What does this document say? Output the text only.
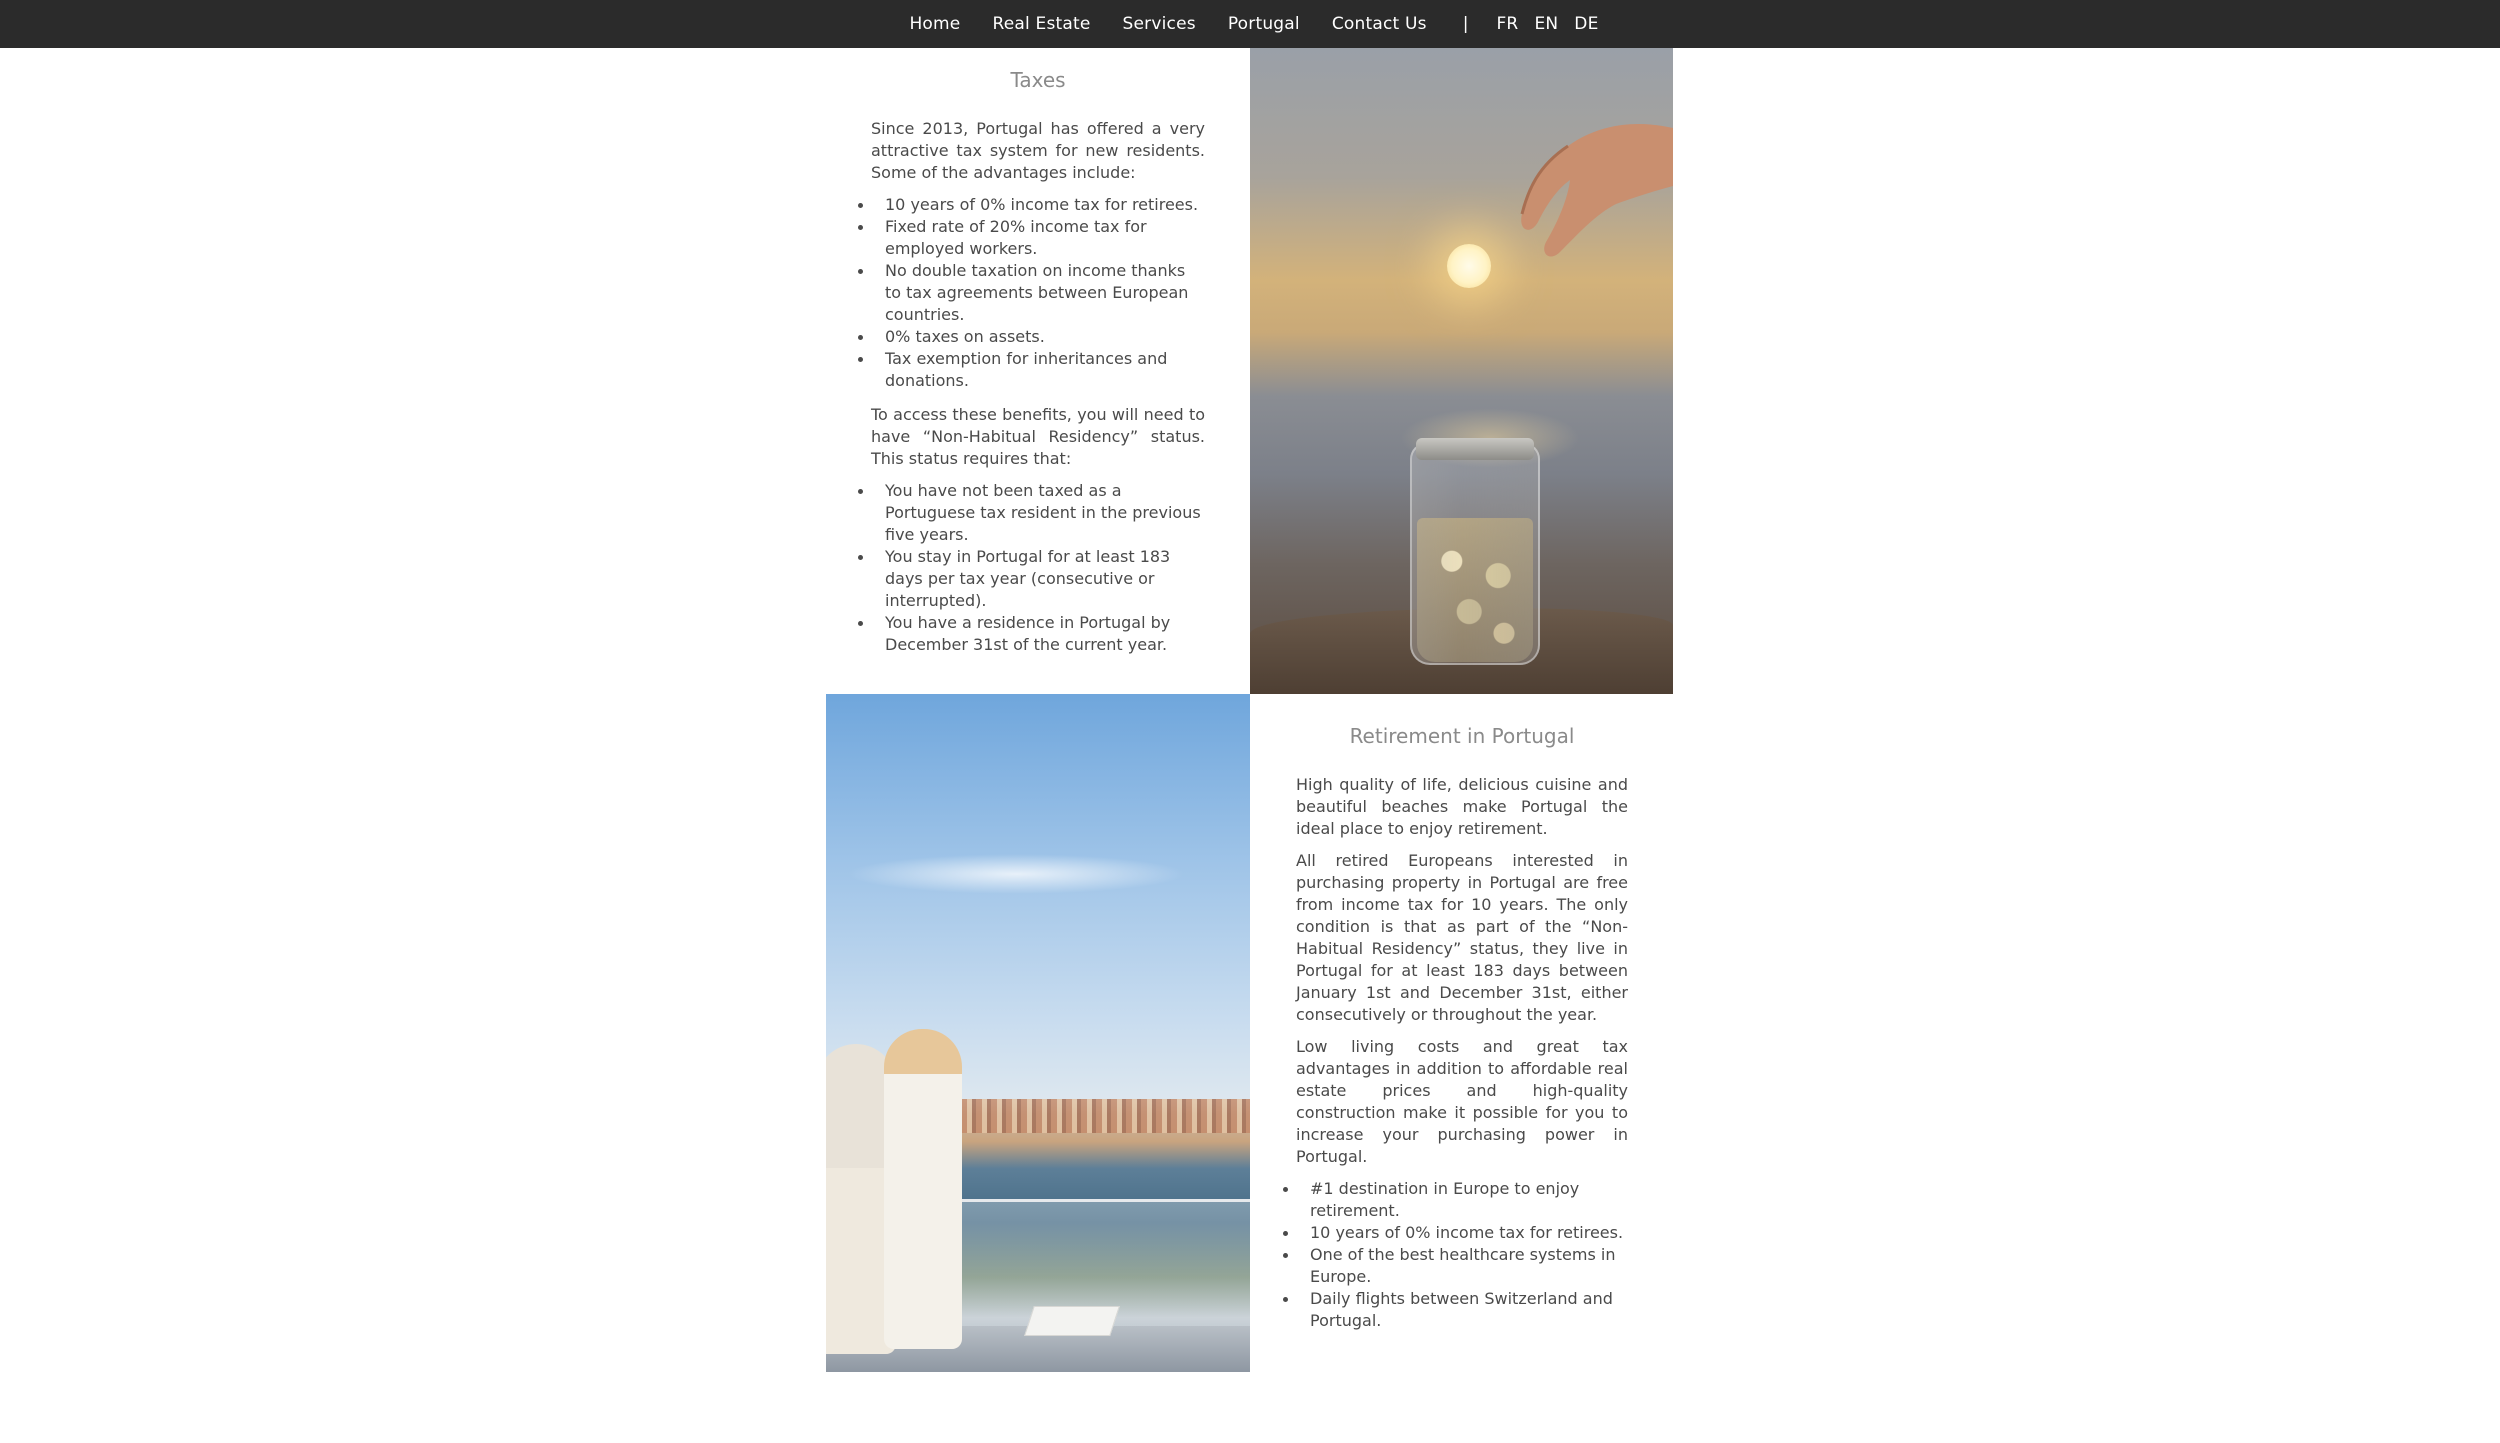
Home Real Estate Services Portugal Contact Us | FR EN DE
Taxes

Since 2013, Portugal has offered a very attractive tax system for new residents. Some of the advantages include:

10 years of 0% income tax for retirees.
Fixed rate of 20% income tax for employed workers.
No double taxation on income thanks to tax agreements between European countries.
0% taxes on assets.
Tax exemption for inheritances and donations.

To access these benefits, you will need to have “Non-Habitual Residency” status. This status requires that:

You have not been taxed as a Portuguese tax resident in the previous five years.
You stay in Portugal for at least 183 days per tax year (consecutive or interrupted).
You have a residence in Portugal by December 31st of the current year.
Retirement in Portugal

High quality of life, delicious cuisine and beautiful beaches make Portugal the ideal place to enjoy retirement.

All retired Europeans interested in purchasing property in Portugal are free from income tax for 10 years. The only condition is that as part of the “Non-Habitual Residency” status, they live in Portugal for at least 183 days between January 1st and December 31st, either consecutively or throughout the year.

Low living costs and great tax advantages in addition to affordable real estate prices and high-quality construction make it possible for you to increase your purchasing power in Portugal.

#1 destination in Europe to enjoy retirement.
10 years of 0% income tax for retirees.
One of the best healthcare systems in Europe.
Daily flights between Switzerland and Portugal.
